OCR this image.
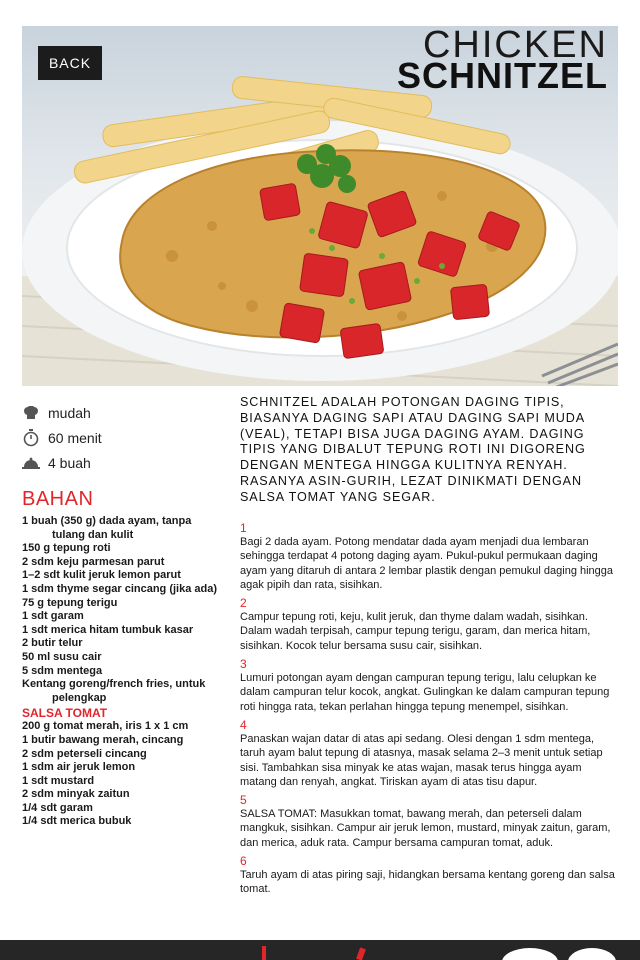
BACK	CHICKEN
SCHNITZEL
mudah
60 menit
4 buah
BAHAN
1 buah (350 g) dada ayam, tanpa tulang dan kulit
150 g tepung roti
2 sdm keju parmesan parut
1–2 sdt kulit jeruk lemon parut
1 sdm thyme segar cincang (jika ada)
75 g tepung terigu
1 sdt garam
1 sdt merica hitam tumbuk kasar
2 butir telur
50 ml susu cair
5 sdm mentega
Kentang goreng/french fries, untuk pelengkap
SALSA TOMAT
200 g tomat merah, iris 1 x 1 cm
1 butir bawang merah, cincang
2 sdm peterseli cincang
1 sdm air jeruk lemon
1 sdt mustard
2 sdm minyak zaitun
1/4 sdt garam
1/4 sdt merica bubuk
SCHNITZEL ADALAH POTONGAN DAGING TIPIS, BIASANYA DAGING SAPI ATAU DAGING SAPI MUDA (VEAL), TETAPI BISA JUGA DAGING AYAM. DAGING TIPIS YANG DIBALUT TEPUNG ROTI INI DIGORENG DENGAN MENTEGA HINGGA KULITNYA RENYAH. RASANYA ASIN-GURIH, LEZAT DINIKMATI DENGAN SALSA TOMAT YANG SEGAR.
1
Bagi 2 dada ayam. Potong mendatar dada ayam menjadi dua lembaran sehingga terdapat 4 potong daging ayam. Pukul-pukul permukaan daging ayam yang ditaruh di antara 2 lembar plastik dengan pemukul daging hingga agak pipih dan rata, sisihkan.
2
Campur tepung roti, keju, kulit jeruk, dan thyme dalam wadah, sisihkan. Dalam wadah terpisah, campur tepung terigu, garam, dan merica hitam, sisihkan. Kocok telur bersama susu cair, sisihkan.
3
Lumuri potongan ayam dengan campuran tepung terigu, lalu celupkan ke dalam campuran telur kocok, angkat. Gulingkan ke dalam campuran tepung roti hingga rata, tekan perlahan hingga tepung menempel, sisihkan.
4
Panaskan wajan datar di atas api sedang. Olesi dengan 1 sdm mentega, taruh ayam balut tepung di atasnya, masak selama 2–3 menit untuk setiap sisi. Tambahkan sisa minyak ke atas wajan, masak terus hingga ayam matang dan renyah, angkat. Tiriskan ayam di atas tisu dapur.
5
SALSA TOMAT: Masukkan tomat, bawang merah, dan peterseli dalam mangkuk, sisihkan. Campur air jeruk lemon, mustard, minyak zaitun, garam, dan merica, aduk rata. Campur bersama campuran tomat, aduk.
6
Taruh ayam di atas piring saji, hidangkan bersama kentang goreng dan salsa tomat.
